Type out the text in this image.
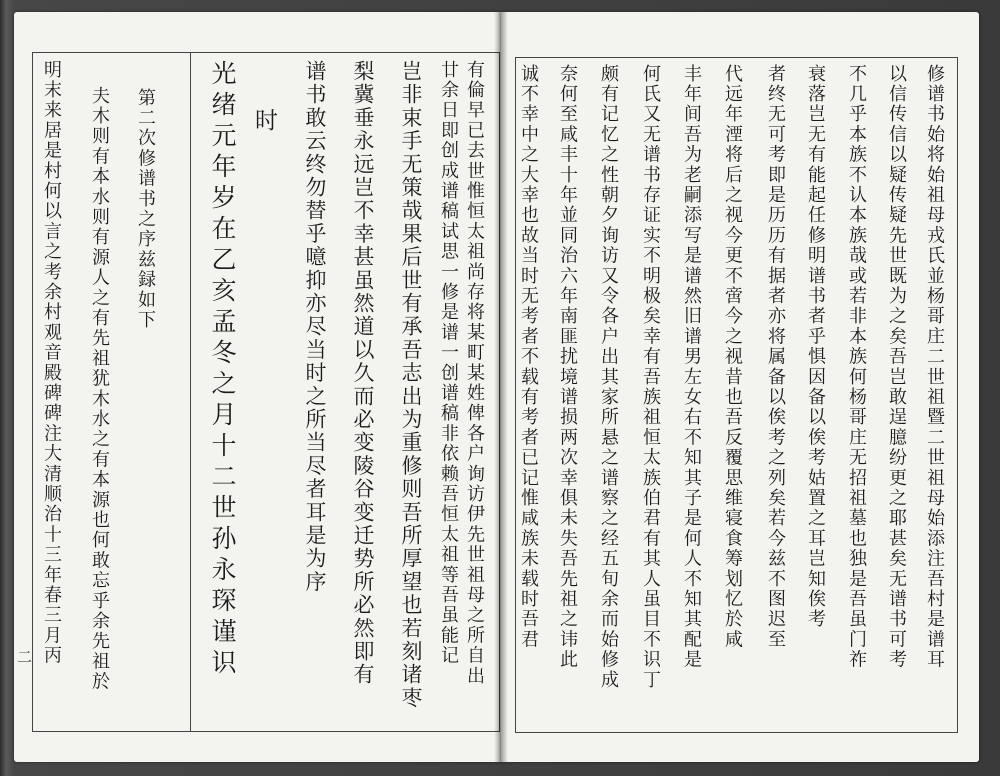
有倫早已去世惟恒太祖尚存将某町某姓俾各户询访伊先世祖母之所自出
廿余日即创成谱稿试思一修是谱一创谱稿非依赖吾恒太祖等吾虽能记
岂非束手无策哉果后世有承吾志出为重修则吾所厚望也若刻诸枣
梨冀垂永远岂不幸甚虽然道以久而必变陵谷变迁势所必然即有
谱书敢云终勿替乎噫抑亦尽当时之所当尽者耳是为序
时
光绪元年岁在乙亥孟冬之月十二世孙永琛谨识
第二次修谱书之序兹録如下
夫木则有本水则有源人之有先祖犹木水之有本源也何敢忘乎余先祖於
明末来居是村何以言之考余村观音殿碑碑注大清顺治十三年春三月丙
二	修谱书始将始祖母戎氏並杨哥庄二世祖暨二世祖母始添注吾村是谱耳
以信传信以疑传疑先世既为之矣吾岂敢逞臆纷更之耶甚矣无谱书可考
不几乎本族不认本族哉或若非本族何杨哥庄无招祖墓也独是吾虽门祚
衰落岂无有能起任修明谱书者乎惧因备以俟考姑置之耳岂知俟考
者终无可考即是历历有据者亦将属备以俟考之列矣若今兹不图迟至
代远年湮将后之视今更不啻今之视昔也吾反覆思维寝食筹划忆於咸
丰年间吾为老嗣添写是谱然旧谱男左女右不知其子是何人不知其配是
何氏又无谱书存证实不明极矣幸有吾族祖恒太族伯君有其人虽目不识丁
颇有记忆之性朝夕询访又令各户出其家所悬之谱察之经五旬余而始修成
奈何至咸丰十年並同治六年南匪扰境谱损两次幸俱未失吾先祖之讳此
诚不幸中之大幸也故当时无考者不载有考者已记惟咸族未载时吾君
